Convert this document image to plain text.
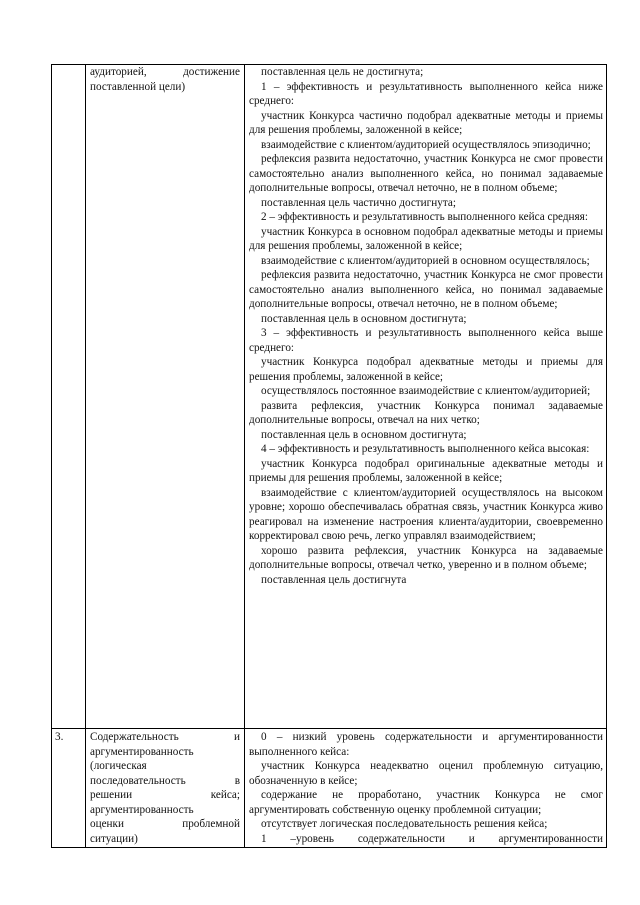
аудиторией, достижение
поставленной цели)

поставленная цель не достигнута;

1 – эффективность и результативность выполненного кейса ниже среднего:

участник Конкурса частично подобрал адекватные методы и приемы для решения проблемы, заложенной в кейсе;

взаимодействие с клиентом/аудиторией осуществлялось эпизодично;

рефлексия развита недостаточно, участник Конкурса не смог провести самостоятельно анализ выполненного кейса, но понимал задаваемые дополнительные вопросы, отвечал неточно, не в полном объеме;

поставленная цель частично достигнута;

2 – эффективность и результативность выполненного кейса средняя:

участник Конкурса в основном подобрал адекватные методы и приемы для решения проблемы, заложенной в кейсе;

взаимодействие с клиентом/аудиторией в основном осуществлялось;

рефлексия развита недостаточно, участник Конкурса не смог провести самостоятельно анализ выполненного кейса, но понимал задаваемые дополнительные вопросы, отвечал неточно, не в полном объеме;

поставленная цель в основном достигнута;

3 – эффективность и результативность выполненного кейса выше среднего:

участник Конкурса подобрал адекватные методы и приемы для решения проблемы, заложенной в кейсе;

осуществлялось постоянное взаимодействие с клиентом/аудиторией;

развита рефлексия, участник Конкурса понимал задаваемые дополнительные вопросы, отвечал на них четко;

поставленная цель в основном достигнута;

4 – эффективность и результативность выполненного кейса высокая:

участник Конкурса подобрал оригинальные адекватные методы и приемы для решения проблемы, заложенной в кейсе;

взаимодействие с клиентом/аудиторией осуществлялось на высоком уровне; хорошо обеспечивалась обратная связь, участник Конкурса живо реагировал на изменение настроения клиента/аудитории, своевременно корректировал свою речь, легко управлял взаимодействием;

хорошо развита рефлексия, участник Конкурса на задаваемые дополнительные вопросы, отвечал четко, уверенно и в полном объеме;

поставленная цель достигнута

3.	Содержательность и
аргументированность
(логическая
последовательность в
решении кейса;
аргументированность
оценки проблемной
ситуации)

0 – низкий уровень содержательности и аргументированности выполненного кейса:

участник Конкурса неадекватно оценил проблемную ситуацию, обозначенную в кейсе;

содержание не проработано, участник Конкурса не смог аргументировать собственную оценку проблемной ситуации;

отсутствует логическая последовательность решения кейса;

1 –уровень содержательности и аргументированности
